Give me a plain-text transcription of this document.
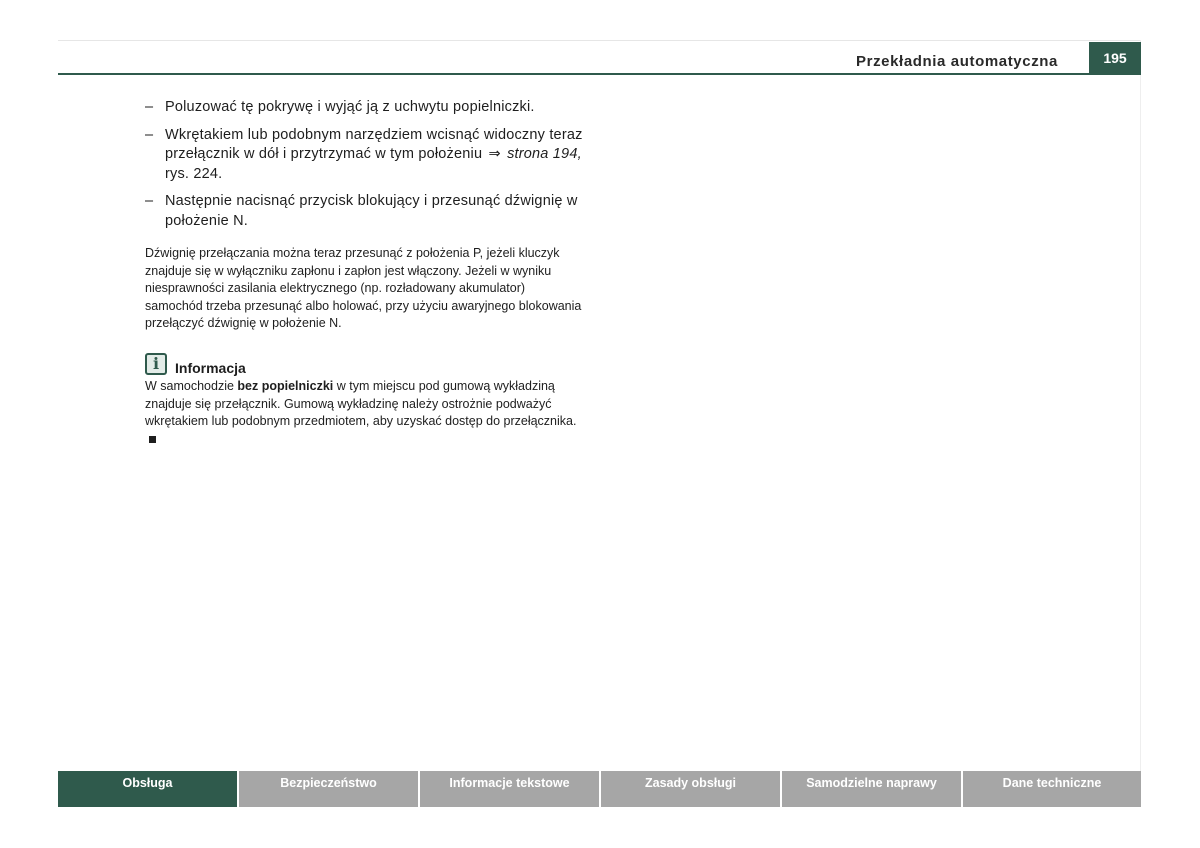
Przekładnia automatyczna	195
– Poluzować tę pokrywę i wyjąć ją z uchwytu popielniczki.
– Wkrętakiem lub podobnym narzędziem wcisnąć widoczny teraz przełącznik w dół i przytrzymać w tym położeniu ⇒ strona 194, rys. 224.
– Następnie nacisnąć przycisk blokujący i przesunąć dźwignię w położenie N.
Dźwignię przełączania można teraz przesunąć z położenia P, jeżeli kluczyk znajduje się w wyłączniku zapłonu i zapłon jest włączony. Jeżeli w wyniku niesprawności zasilania elektrycznego (np. rozładowany akumulator) samochód trzeba przesunąć albo holować, przy użyciu awaryjnego blokowania przełączyć dźwignię w położenie N.
i	Informacja
W samochodzie bez popielniczki w tym miejscu pod gumową wykładziną znajduje się przełącznik. Gumową wykładzinę należy ostrożnie podważyć wkrętakiem lub podobnym przedmiotem, aby uzyskać dostęp do przełącznika.
Obsługa	Bezpieczeństwo	Informacje tekstowe	Zasady obsługi	Samodzielne naprawy	Dane techniczne
